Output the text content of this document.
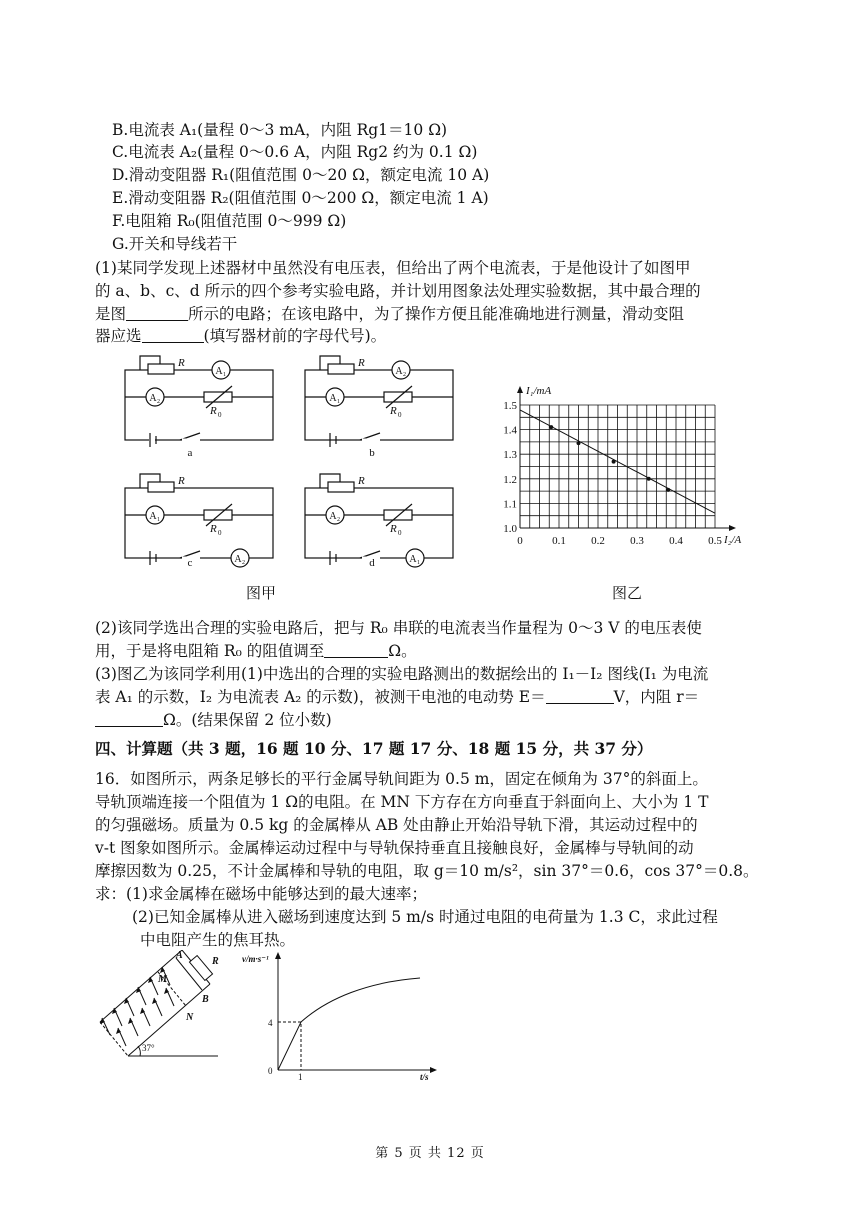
B.电流表 A₁(量程 0～3 mA，内阻 Rg1＝10 Ω)
C.电流表 A₂(量程 0～0.6 A，内阻 Rg2 约为 0.1 Ω)
D.滑动变阻器 R₁(阻值范围 0～20 Ω，额定电流 10 A)
E.滑动变阻器 R₂(阻值范围 0～200 Ω，额定电流 1 A)
F.电阻箱 R₀(阻值范围 0～999 Ω)
G.开关和导线若干
(1)某同学发现上述器材中虽然没有电压表，但给出了两个电流表，于是他设计了如图甲
的 a、b、c、d 所示的四个参考实验电路，并计划用图象法处理实验数据，其中最合理的
是图	所示的电路；在该电路中，为了操作方便且能准确地进行测量，滑动变阻
器应选	(填写器材前的字母代号)。
R	R
R	R
R	R
R	R
0	0
0	0
A
A
A
A
A
A
A
A
1
2
2
1
1
2
2
1
a	b
c	d
1.5
1.4
1.3
1.2
1.1
1.0
0	0.1 0.2 0.3 0.4 0.5
I₁/mA
I₂/A
图甲	图乙
(2)该同学选出合理的实验电路后，把与 R₀ 串联的电流表当作量程为 0～3 V 的电压表使
用，于是将电阻箱 R₀ 的阻值调至	Ω。
(3)图乙为该同学利用(1)中选出的合理的实验电路测出的数据绘出的 I₁－I₂ 图线(I₁ 为电流
表 A₁ 的示数，I₂ 为电流表 A₂ 的示数)，被测干电池的电动势 E＝	V，内阻 r＝
Ω。(结果保留 2 位小数)
四、计算题（共 3 题，16 题 10 分、17 题 17 分、18 题 15 分，共 37 分）
16．如图所示，两条足够长的平行金属导轨间距为 0.5 m，固定在倾角为 37°的斜面上。
导轨顶端连接一个阻值为 1 Ω的电阻。在 MN 下方存在方向垂直于斜面向上、大小为 1 T
的匀强磁场。质量为 0.5 kg 的金属棒从 AB 处由静止开始沿导轨下滑，其运动过程中的
v-t 图象如图所示。金属棒运动过程中与导轨保持垂直且接触良好，金属棒与导轨间的动
摩擦因数为 0.25，不计金属棒和导轨的电阻，取 g＝10 m/s²，sin 37°＝0.6，cos 37°＝0.8。
求：(1)求金属棒在磁场中能够达到的最大速率；
(2)已知金属棒从进入磁场到速度达到 5 m/s 时通过电阻的电荷量为 1.3 C，求此过程
中电阻产生的焦耳热。
A
B
M
N
R
37°
v/m·s⁻¹
t/s
4
1
0
第 5 页 共 12 页
